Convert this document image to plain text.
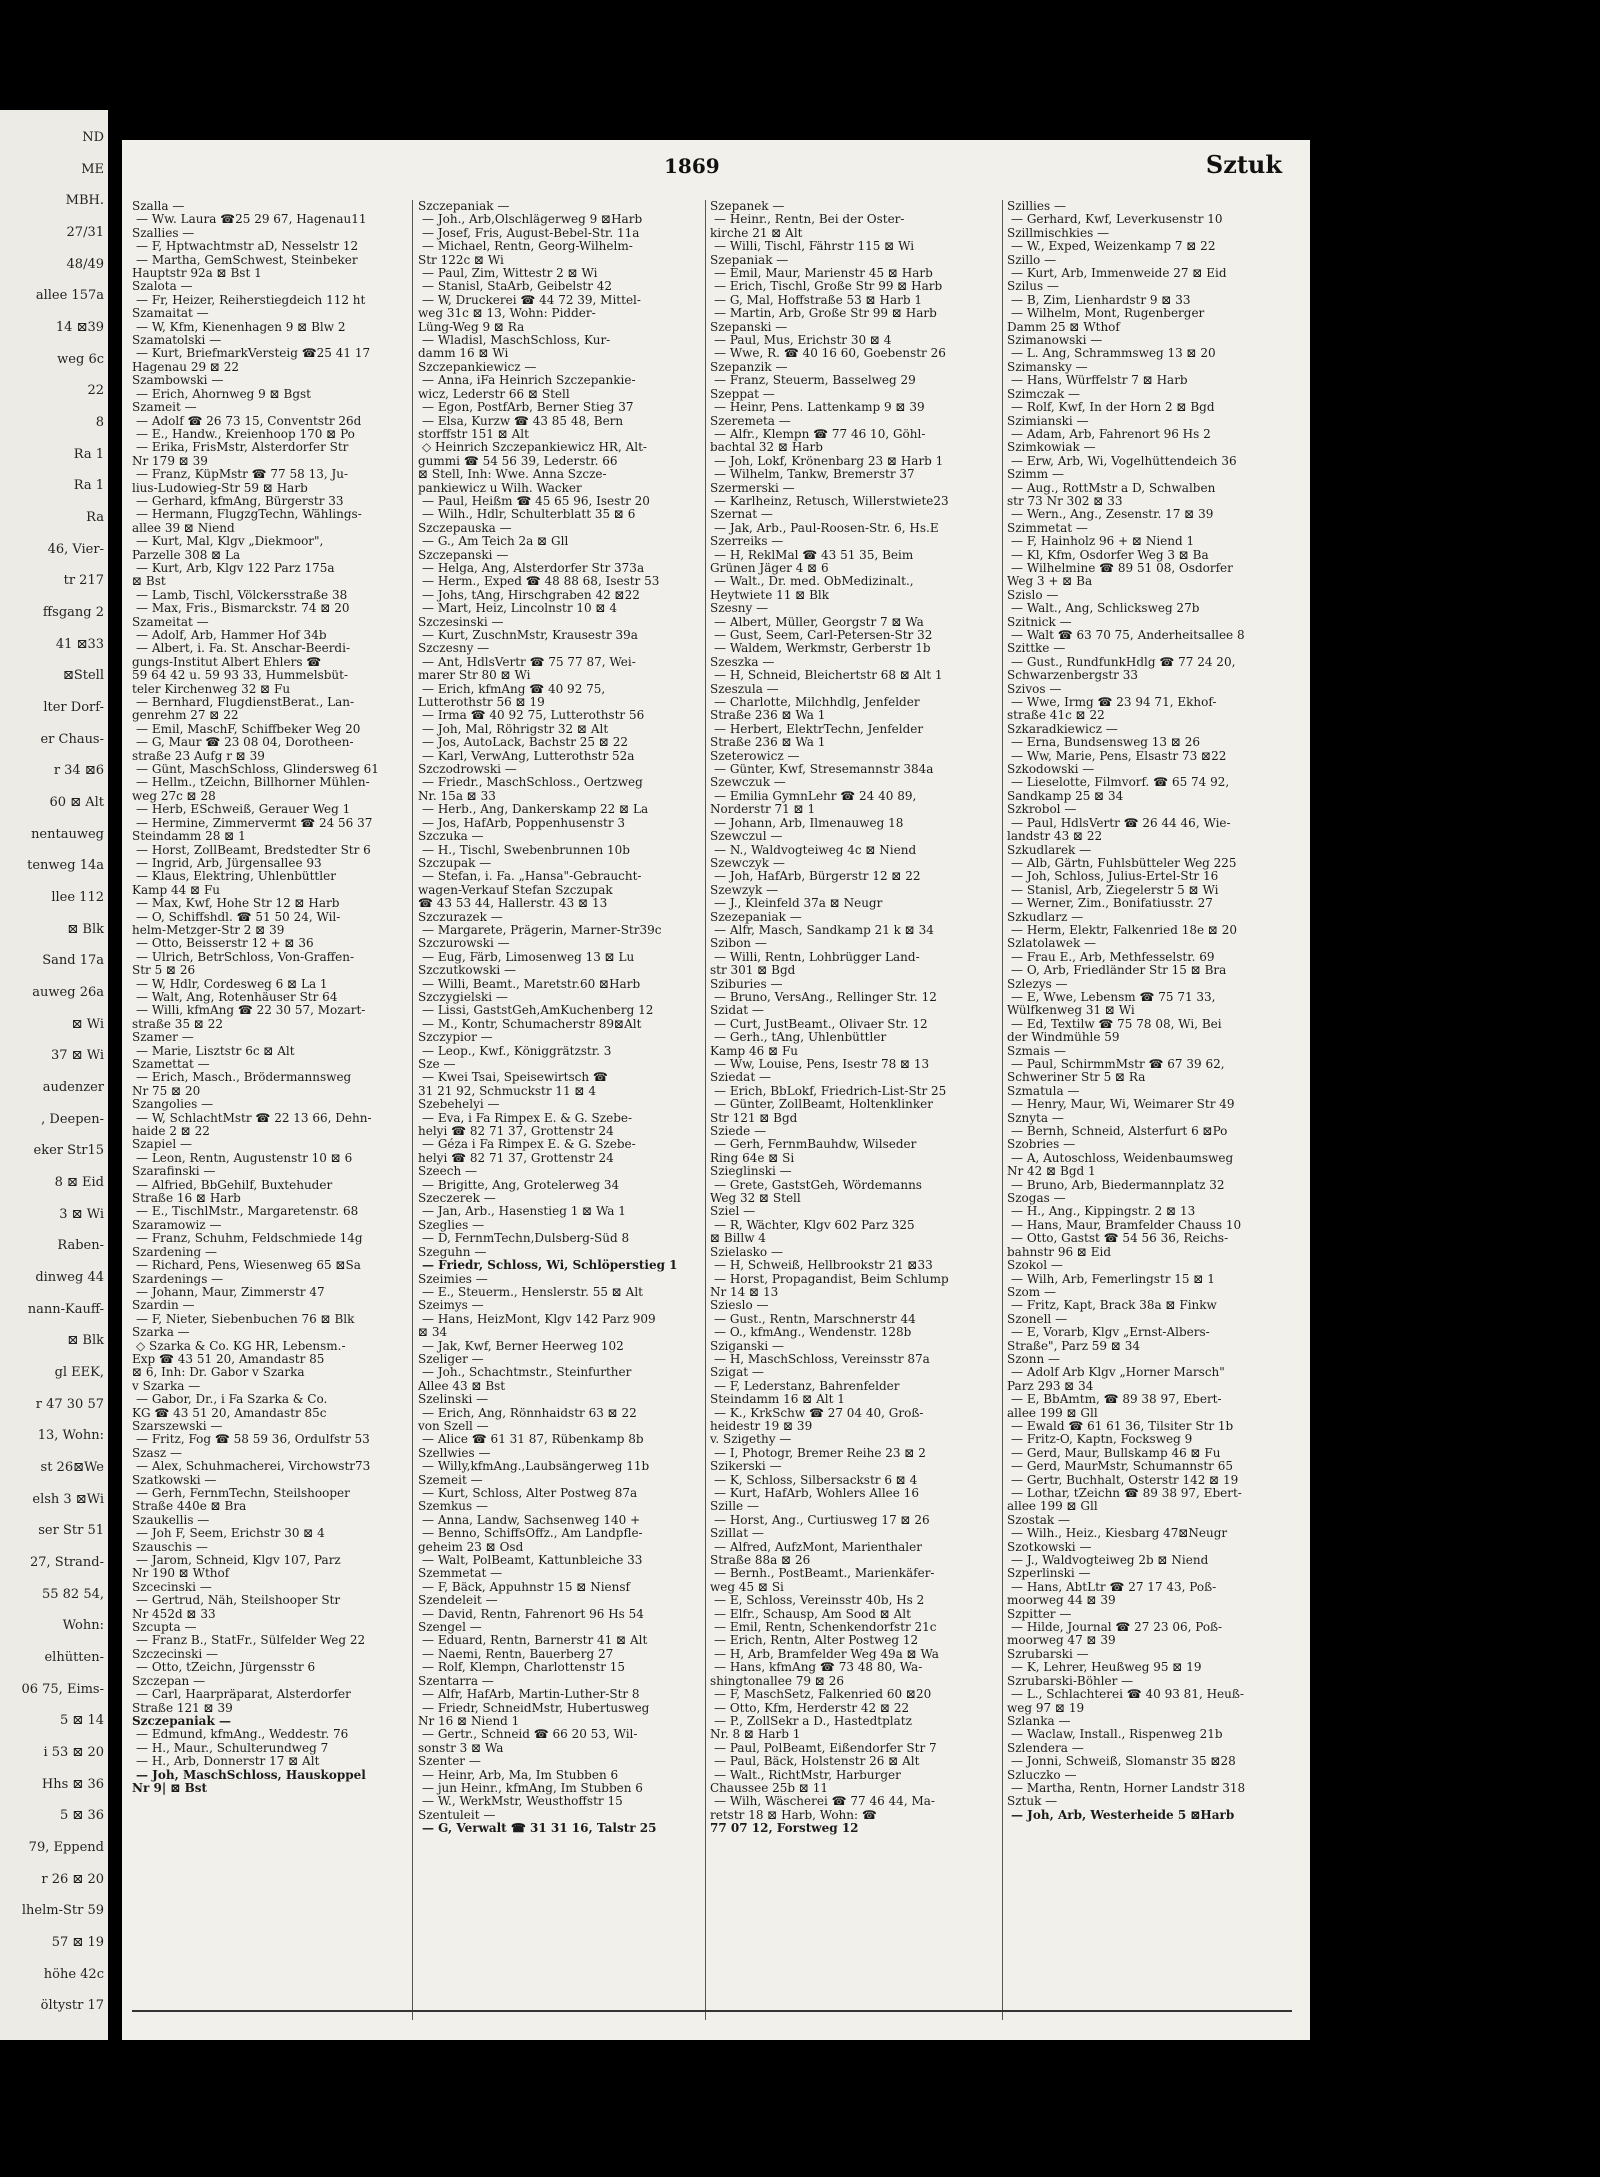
ND
ME
MBH.
27/31
48/49
allee 157a
14 ⊠39
weg 6c
22
8
Ra 1
Ra 1
Ra
46, Vier-
tr 217
ffsgang 2
41 ⊠33
⊠Stell
lter Dorf-
er Chaus-
r 34 ⊠6
60 ⊠ Alt
nentauweg
tenweg 14a
llee 112
⊠ Blk
Sand 17a
auweg 26a
⊠ Wi
37 ⊠ Wi
audenzer
, Deepen-
eker Str15
8 ⊠ Eid
3 ⊠ Wi
Raben-
dinweg 44
nann-Kauff-
⊠ Blk
gl EEK,
r 47 30 57
13, Wohn:
st 26⊠We
elsh 3 ⊠Wi
ser Str 51
27, Strand-
55 82 54,
Wohn:
elhütten-
06 75, Eims-
5 ⊠ 14
i 53 ⊠ 20
Hhs ⊠ 36
5 ⊠ 36
79, Eppend
r 26 ⊠ 20
lhelm-Str 59
57 ⊠ 19
höhe 42c
öltystr 17
1869	Sztuk
Szalla —
— Ww. Laura ☎25 29 67, Hagenau11
Szallies —
— F, Hptwachtmstr aD, Nesselstr 12
— Martha, GemSchwest, Steinbeker
Hauptstr 92a ⊠ Bst 1
Szalota —
— Fr, Heizer, Reiherstiegdeich 112 ht
Szamaitat —
— W, Kfm, Kienenhagen 9 ⊠ Blw 2
Szamatolski —
— Kurt, BriefmarkVersteig ☎25 41 17
Hagenau 29 ⊠ 22
Szambowski —
— Erich, Ahornweg 9 ⊠ Bgst
Szameit —
— Adolf ☎ 26 73 15, Conventstr 26d
— E., Handw., Kreienhoop 170 ⊠ Po
— Erika, FrisMstr, Alsterdorfer Str
Nr 179 ⊠ 39
— Franz, KüpMstr ☎ 77 58 13, Ju-
lius-Ludowieg-Str 59 ⊠ Harb
— Gerhard, kfmAng, Bürgerstr 33
— Hermann, FlugzgTechn, Wählings-
allee 39 ⊠ Niend
— Kurt, Mal, Klgv „Diekmoor",
Parzelle 308 ⊠ La
— Kurt, Arb, Klgv 122 Parz 175a
⊠ Bst
— Lamb, Tischl, Völckersstraße 38
— Max, Fris., Bismarckstr. 74 ⊠ 20
Szameitat —
— Adolf, Arb, Hammer Hof 34b
— Albert, i. Fa. St. Anschar-Beerdi-
gungs-Institut Albert Ehlers ☎
59 64 42 u. 59 93 33, Hummelsbüt-
teler Kirchenweg 32 ⊠ Fu
— Bernhard, FlugdienstBerat., Lan-
genrehm 27 ⊠ 22
— Emil, MaschF, Schiffbeker Weg 20
— G, Maur ☎ 23 08 04, Dorotheen-
straße 23 Aufg r ⊠ 39
— Günt, MaschSchloss, Glindersweg 61
— Hellm., tZeichn, Billhorner Mühlen-
weg 27c ⊠ 28
— Herb, ESchweiß, Gerauer Weg 1
— Hermine, Zimmervermt ☎ 24 56 37
Steindamm 28 ⊠ 1
— Horst, ZollBeamt, Bredstedter Str 6
— Ingrid, Arb, Jürgensallee 93
— Klaus, Elektring, Uhlenbüttler
Kamp 44 ⊠ Fu
— Max, Kwf, Hohe Str 12 ⊠ Harb
— O, Schiffshdl. ☎ 51 50 24, Wil-
helm-Metzger-Str 2 ⊠ 39
— Otto, Beisserstr 12 + ⊠ 36
— Ulrich, BetrSchloss, Von-Graffen-
Str 5 ⊠ 26
— W, Hdlr, Cordesweg 6 ⊠ La 1
— Walt, Ang, Rotenhäuser Str 64
— Willi, kfmAng ☎ 22 30 57, Mozart-
straße 35 ⊠ 22
Szamer —
— Marie, Lisztstr 6c ⊠ Alt
Szamettat —
— Erich, Masch., Brödermannsweg
Nr 75 ⊠ 20
Szangolies —
— W, SchlachtMstr ☎ 22 13 66, Dehn-
haide 2 ⊠ 22
Szapiel —
— Leon, Rentn, Augustenstr 10 ⊠ 6
Szarafinski —
— Alfried, BbGehilf, Buxtehuder
Straße 16 ⊠ Harb
— E., TischlMstr., Margaretenstr. 68
Szaramowiz —
— Franz, Schuhm, Feldschmiede 14g
Szardening —
— Richard, Pens, Wiesenweg 65 ⊠Sa
Szardenings —
— Johann, Maur, Zimmerstr 47
Szardin —
— F, Nieter, Siebenbuchen 76 ⊠ Blk
Szarka —
◇ Szarka & Co. KG HR, Lebensm.-
Exp ☎ 43 51 20, Amandastr 85
⊠ 6, Inh: Dr. Gabor v Szarka
v Szarka —
— Gabor, Dr., i Fa Szarka & Co.
KG ☎ 43 51 20, Amandastr 85c
Szarszewski —
— Fritz, Fog ☎ 58 59 36, Ordulfstr 53
Szasz —
— Alex, Schuhmacherei, Virchowstr73
Szatkowski —
— Gerh, FernmTechn, Steilshooper
Straße 440e ⊠ Bra
Szaukellis —
— Joh F, Seem, Erichstr 30 ⊠ 4
Szauschis —
— Jarom, Schneid, Klgv 107, Parz
Nr 190 ⊠ Wthof
Szcecinski —
— Gertrud, Näh, Steilshooper Str
Nr 452d ⊠ 33
Szcupta —
— Franz B., StatFr., Sülfelder Weg 22
Szczecinski —
— Otto, tZeichn, Jürgensstr 6
Szczepan —
— Carl, Haarpräparat, Alsterdorfer
Straße 121 ⊠ 39
Szczepaniak —
— Edmund, kfmAng., Weddestr. 76
— H., Maur., Schulterundweg 7
— H., Arb, Donnerstr 17 ⊠ Alt
— Joh, MaschSchloss, Hauskoppel
Nr 9| ⊠ Bst
Szczepaniak —
— Joh., Arb,Olschlägerweg 9 ⊠Harb
— Josef, Fris, August-Bebel-Str. 11a
— Michael, Rentn, Georg-Wilhelm-
Str 122c ⊠ Wi
— Paul, Zim, Wittestr 2 ⊠ Wi
— Stanisl, StaArb, Geibelstr 42
— W, Druckerei ☎ 44 72 39, Mittel-
weg 31c ⊠ 13, Wohn: Pidder-
Lüng-Weg 9 ⊠ Ra
— Wladisl, MaschSchloss, Kur-
damm 16 ⊠ Wi
Szczepankiewicz —
— Anna, iFa Heinrich Szczepankie-
wicz, Lederstr 66 ⊠ Stell
— Egon, PostfArb, Berner Stieg 37
— Elsa, Kurzw ☎ 43 85 48, Bern
storffstr 151 ⊠ Alt
◇ Heinrich Szczepankiewicz HR, Alt-
gummi ☎ 54 56 39, Lederstr. 66
⊠ Stell, Inh: Wwe. Anna Szcze-
pankiewicz u Wilh. Wacker
— Paul, Heißm ☎ 45 65 96, Isestr 20
— Wilh., Hdlr, Schulterblatt 35 ⊠ 6
Szczepauska —
— G., Am Teich 2a ⊠ Gll
Szczepanski —
— Helga, Ang, Alsterdorfer Str 373a
— Herm., Exped ☎ 48 88 68, Isestr 53
— Johs, tAng, Hirschgraben 42 ⊠22
— Mart, Heiz, Lincolnstr 10 ⊠ 4
Szczesinski —
— Kurt, ZuschnMstr, Krausestr 39a
Szczesny —
— Ant, HdlsVertr ☎ 75 77 87, Wei-
marer Str 80 ⊠ Wi
— Erich, kfmAng ☎ 40 92 75,
Lutterothstr 56 ⊠ 19
— Irma ☎ 40 92 75, Lutterothstr 56
— Joh, Mal, Röhrigstr 32 ⊠ Alt
— Jos, AutoLack, Bachstr 25 ⊠ 22
— Karl, VerwAng, Lutterothstr 52a
Szczodrowski —
— Friedr., MaschSchloss., Oertzweg
Nr. 15a ⊠ 33
— Herb., Ang, Dankerskamp 22 ⊠ La
— Jos, HafArb, Poppenhusenstr 3
Szczuka —
— H., Tischl, Swebenbrunnen 10b
Szczupak —
— Stefan, i. Fa. „Hansa"-Gebraucht-
wagen-Verkauf Stefan Szczupak
☎ 43 53 44, Hallerstr. 43 ⊠ 13
Szczurazek —
— Margarete, Prägerin, Marner-Str39c
Szczurowski —
— Eug, Färb, Limosenweg 13 ⊠ Lu
Szczutkowski —
— Willi, Beamt., Maretstr.60 ⊠Harb
Szczygielski —
— Lissi, GaststGeh,AmKuchenberg 12
— M., Kontr, Schumacherstr 89⊠Alt
Szczypior —
— Leop., Kwf., Königgrätzstr. 3
Sze —
— Kwei Tsai, Speisewirtsch ☎
31 21 92, Schmuckstr 11 ⊠ 4
Szebehelyi —
— Eva, i Fa Rimpex E. & G. Szebe-
helyi ☎ 82 71 37, Grottenstr 24
— Géza i Fa Rimpex E. & G. Szebe-
helyi ☎ 82 71 37, Grottenstr 24
Szeech —
— Brigitte, Ang, Grotelerweg 34
Szeczerek —
— Jan, Arb., Hasenstieg 1 ⊠ Wa 1
Szeglies —
— D, FernmTechn,Dulsberg-Süd 8
Szeguhn —
— Friedr, Schloss, Wi, Schlöperstieg 1
Szeimies —
— E., Steuerm., Henslerstr. 55 ⊠ Alt
Szeimys —
— Hans, HeizMont, Klgv 142 Parz 909
⊠ 34
— Jak, Kwf, Berner Heerweg 102
Szeliger —
— Joh., Schachtmstr., Steinfurther
Allee 43 ⊠ Bst
Szelinski —
— Erich, Ang, Rönnhaidstr 63 ⊠ 22
von Szell —
— Alice ☎ 61 31 87, Rübenkamp 8b
Szellwies —
— Willy,kfmAng.,Laubsängerweg 11b
Szemeit —
— Kurt, Schloss, Alter Postweg 87a
Szemkus —
— Anna, Landw, Sachsenweg 140 +
— Benno, SchiffsOffz., Am Landpfle-
geheim 23 ⊠ Osd
— Walt, PolBeamt, Kattunbleiche 33
Szemmetat —
— F, Bäck, Appuhnstr 15 ⊠ Niensf
Szendeleit —
— David, Rentn, Fahrenort 96 Hs 54
Szengel —
— Eduard, Rentn, Barnerstr 41 ⊠ Alt
— Naemi, Rentn, Bauerberg 27
— Rolf, Klempn, Charlottenstr 15
Szentarra —
— Alfr, HafArb, Martin-Luther-Str 8
— Friedr, SchneidMstr, Hubertusweg
Nr 16 ⊠ Niend 1
— Gertr., Schneid ☎ 66 20 53, Wil-
sonstr 3 ⊠ Wa
Szenter —
— Heinr, Arb, Ma, Im Stubben 6
— jun Heinr., kfmAng, Im Stubben 6
— W., WerkMstr, Weusthoffstr 15
Szentuleit —
— G, Verwalt ☎ 31 31 16, Talstr 25
Szepanek —
— Heinr., Rentn, Bei der Oster-
kirche 21 ⊠ Alt
— Willi, Tischl, Fährstr 115 ⊠ Wi
Szepaniak —
— Emil, Maur, Marienstr 45 ⊠ Harb
— Erich, Tischl, Große Str 99 ⊠ Harb
— G, Mal, Hoffstraße 53 ⊠ Harb 1
— Martin, Arb, Große Str 99 ⊠ Harb
Szepanski —
— Paul, Mus, Erichstr 30 ⊠ 4
— Wwe, R. ☎ 40 16 60, Goebenstr 26
Szepanzik —
— Franz, Steuerm, Basselweg 29
Szeppat —
— Heinr, Pens. Lattenkamp 9 ⊠ 39
Szeremeta —
— Alfr., Klempn ☎ 77 46 10, Göhl-
bachtal 32 ⊠ Harb
— Joh, Lokf, Krönenbarg 23 ⊠ Harb 1
— Wilhelm, Tankw, Bremerstr 37
Szermerski —
— Karlheinz, Retusch, Willerstwiete23
Szernat —
— Jak, Arb., Paul-Roosen-Str. 6, Hs.E
Szerreiks —
— H, ReklMal ☎ 43 51 35, Beim
Grünen Jäger 4 ⊠ 6
— Walt., Dr. med. ObMedizinalt.,
Heytwiete 11 ⊠ Blk
Szesny —
— Albert, Müller, Georgstr 7 ⊠ Wa
— Gust, Seem, Carl-Petersen-Str 32
— Waldem, Werkmstr, Gerberstr 1b
Szeszka —
— H, Schneid, Bleichertstr 68 ⊠ Alt 1
Szeszula —
— Charlotte, Milchhdlg, Jenfelder
Straße 236 ⊠ Wa 1
— Herbert, ElektrTechn, Jenfelder
Straße 236 ⊠ Wa 1
Szeterowicz —
— Günter, Kwf, Stresemannstr 384a
Szewczuk —
— Emilia GymnLehr ☎ 24 40 89,
Norderstr 71 ⊠ 1
— Johann, Arb, Ilmenauweg 18
Szewczul —
— N., Waldvogteiweg 4c ⊠ Niend
Szewczyk —
— Joh, HafArb, Bürgerstr 12 ⊠ 22
Szewzyk —
— J., Kleinfeld 37a ⊠ Neugr
Szezepaniak —
— Alfr, Masch, Sandkamp 21 k ⊠ 34
Szibon —
— Willi, Rentn, Lohbrügger Land-
str 301 ⊠ Bgd
Sziburies —
— Bruno, VersAng., Rellinger Str. 12
Szidat —
— Curt, JustBeamt., Olivaer Str. 12
— Gerh., tAng, Uhlenbüttler
Kamp 46 ⊠ Fu
— Ww, Louise, Pens, Isestr 78 ⊠ 13
Sziedat —
— Erich, BbLokf, Friedrich-List-Str 25
— Günter, ZollBeamt, Holtenklinker
Str 121 ⊠ Bgd
Sziede —
— Gerh, FernmBauhdw, Wilseder
Ring 64e ⊠ Si
Szieglinski —
— Grete, GaststGeh, Wördemanns
Weg 32 ⊠ Stell
Sziel —
— R, Wächter, Klgv 602 Parz 325
⊠ Billw 4
Szielasko —
— H, Schweiß, Hellbrookstr 21 ⊠33
— Horst, Propagandist, Beim Schlump
Nr 14 ⊠ 13
Szieslo —
— Gust., Rentn, Marschnerstr 44
— O., kfmAng., Wendenstr. 128b
Sziganski —
— H, MaschSchloss, Vereinsstr 87a
Szigat —
— F, Lederstanz, Bahrenfelder
Steindamm 16 ⊠ Alt 1
— K., KrkSchw ☎ 27 04 40, Groß-
heidestr 19 ⊠ 39
v. Szigethy —
— I, Photogr, Bremer Reihe 23 ⊠ 2
Szikerski —
— K, Schloss, Silbersackstr 6 ⊠ 4
— Kurt, HafArb, Wohlers Allee 16
Szille —
— Horst, Ang., Curtiusweg 17 ⊠ 26
Szillat —
— Alfred, AufzMont, Marienthaler
Straße 88a ⊠ 26
— Bernh., PostBeamt., Marienkäfer-
weg 45 ⊠ Si
— E, Schloss, Vereinsstr 40b, Hs 2
— Elfr., Schausp, Am Sood ⊠ Alt
— Emil, Rentn, Schenkendorfstr 21c
— Erich, Rentn, Alter Postweg 12
— H, Arb, Bramfelder Weg 49a ⊠ Wa
— Hans, kfmAng ☎ 73 48 80, Wa-
shingtonallee 79 ⊠ 26
— F, MaschSetz, Falkenried 60 ⊠20
— Otto, Kfm, Herderstr 42 ⊠ 22
— P., ZollSekr a D., Hastedtplatz
Nr. 8 ⊠ Harb 1
— Paul, PolBeamt, Eißendorfer Str 7
— Paul, Bäck, Holstenstr 26 ⊠ Alt
— Walt., RichtMstr, Harburger
Chaussee 25b ⊠ 11
— Wilh, Wäscherei ☎ 77 46 44, Ma-
retstr 18 ⊠ Harb, Wohn: ☎
77 07 12, Forstweg 12
Szillies —
— Gerhard, Kwf, Leverkusenstr 10
Szillmischkies —
— W., Exped, Weizenkamp 7 ⊠ 22
Szillo —
— Kurt, Arb, Immenweide 27 ⊠ Eid
Szilus —
— B, Zim, Lienhardstr 9 ⊠ 33
— Wilhelm, Mont, Rugenberger
Damm 25 ⊠ Wthof
Szimanowski —
— L. Ang, Schrammsweg 13 ⊠ 20
Szimansky —
— Hans, Würffelstr 7 ⊠ Harb
Szimczak —
— Rolf, Kwf, In der Horn 2 ⊠ Bgd
Szimianski —
— Adam, Arb, Fahrenort 96 Hs 2
Szimkowiak —
— Erw, Arb, Wi, Vogelhüttendeich 36
Szimm —
— Aug., RottMstr a D, Schwalben
str 73 Nr 302 ⊠ 33
— Wern., Ang., Zesenstr. 17 ⊠ 39
Szimmetat —
— F, Hainholz 96 + ⊠ Niend 1
— Kl, Kfm, Osdorfer Weg 3 ⊠ Ba
— Wilhelmine ☎ 89 51 08, Osdorfer
Weg 3 + ⊠ Ba
Szislo —
— Walt., Ang, Schlicksweg 27b
Szitnick —
— Walt ☎ 63 70 75, Anderheitsallee 8
Szittke —
— Gust., RundfunkHdlg ☎ 77 24 20,
Schwarzenbergstr 33
Szivos —
— Wwe, Irmg ☎ 23 94 71, Ekhof-
straße 41c ⊠ 22
Szkaradkiewicz —
— Erna, Bundsensweg 13 ⊠ 26
— Ww, Marie, Pens, Elsastr 73 ⊠22
Szkodowski —
— Lieselotte, Filmvorf. ☎ 65 74 92,
Sandkamp 25 ⊠ 34
Szkrobol —
— Paul, HdlsVertr ☎ 26 44 46, Wie-
landstr 43 ⊠ 22
Szkudlarek —
— Alb, Gärtn, Fuhlsbütteler Weg 225
— Joh, Schloss, Julius-Ertel-Str 16
— Stanisl, Arb, Ziegelerstr 5 ⊠ Wi
— Werner, Zim., Bonifatiusstr. 27
Szkudlarz —
— Herm, Elektr, Falkenried 18e ⊠ 20
Szlatolawek —
— Frau E., Arb, Methfesselstr. 69
— O, Arb, Friedländer Str 15 ⊠ Bra
Szlezys —
— E, Wwe, Lebensm ☎ 75 71 33,
Wülfkenweg 31 ⊠ Wi
— Ed, Textilw ☎ 75 78 08, Wi, Bei
der Windmühle 59
Szmais —
— Paul, SchirmmMstr ☎ 67 39 62,
Schweriner Str 5 ⊠ Ra
Szmatula —
— Henry, Maur, Wi, Weimarer Str 49
Sznyta —
— Bernh, Schneid, Alsterfurt 6 ⊠Po
Szobries —
— A, Autoschloss, Weidenbaumsweg
Nr 42 ⊠ Bgd 1
— Bruno, Arb, Biedermannplatz 32
Szogas —
— H., Ang., Kippingstr. 2 ⊠ 13
— Hans, Maur, Bramfelder Chauss 10
— Otto, Gastst ☎ 54 56 36, Reichs-
bahnstr 96 ⊠ Eid
Szokol —
— Wilh, Arb, Femerlingstr 15 ⊠ 1
Szom —
— Fritz, Kapt, Brack 38a ⊠ Finkw
Szonell —
— E, Vorarb, Klgv „Ernst-Albers-
Straße", Parz 59 ⊠ 34
Szonn —
— Adolf Arb Klgv „Horner Marsch"
Parz 293 ⊠ 34
— E, BbAmtm, ☎ 89 38 97, Ebert-
allee 199 ⊠ Gll
— Ewald ☎ 61 61 36, Tilsiter Str 1b
— Fritz-O, Kaptn, Focksweg 9
— Gerd, Maur, Bullskamp 46 ⊠ Fu
— Gerd, MaurMstr, Schumannstr 65
— Gertr, Buchhalt, Osterstr 142 ⊠ 19
— Lothar, tZeichn ☎ 89 38 97, Ebert-
allee 199 ⊠ Gll
Szostak —
— Wilh., Heiz., Kiesbarg 47⊠Neugr
Szotkowski —
— J., Waldvogteiweg 2b ⊠ Niend
Szperlinski —
— Hans, AbtLtr ☎ 27 17 43, Poß-
moorweg 44 ⊠ 39
Szpitter —
— Hilde, Journal ☎ 27 23 06, Poß-
moorweg 47 ⊠ 39
Szrubarski —
— K, Lehrer, Heußweg 95 ⊠ 19
Szrubarski-Böhler —
— L., Schlachterei ☎ 40 93 81, Heuß-
weg 97 ⊠ 19
Szlanka —
— Waclaw, Install., Rispenweg 21b
Szlendera —
— Jonni, Schweiß, Slomanstr 35 ⊠28
Szluczko —
— Martha, Rentn, Horner Landstr 318
Sztuk —
— Joh, Arb, Westerheide 5 ⊠Harb
